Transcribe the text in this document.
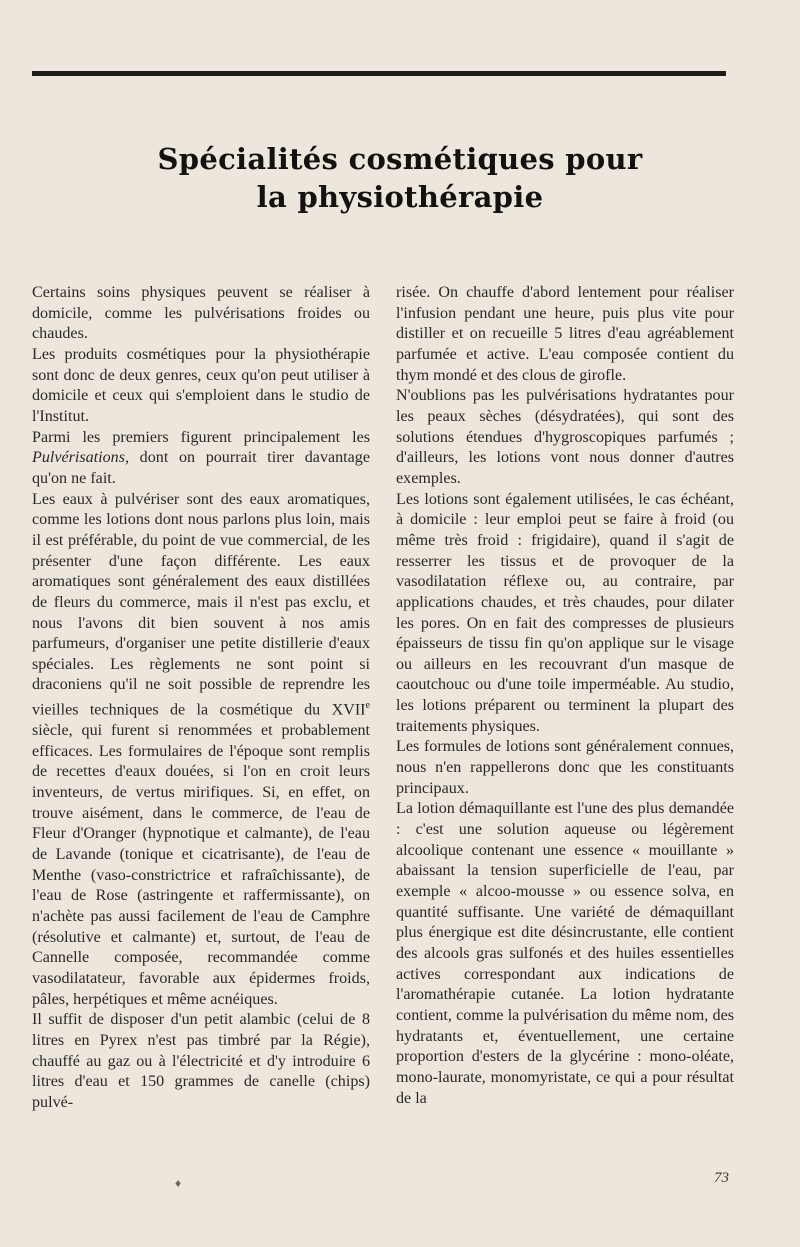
Spécialités cosmétiques pour
la physiothérapie

Certains soins physiques peuvent se réaliser à domicile, comme les pulvérisations froides ou chaudes.

Les produits cosmétiques pour la physiothérapie sont donc de deux genres, ceux qu'on peut utiliser à domicile et ceux qui s'emploient dans le studio de l'Institut.

Parmi les premiers figurent principalement les Pulvérisations, dont on pourrait tirer davantage qu'on ne fait.

Les eaux à pulvériser sont des eaux aromatiques, comme les lotions dont nous parlons plus loin, mais il est préférable, du point de vue commercial, de les présenter d'une façon différente. Les eaux aromatiques sont généralement des eaux distillées de fleurs du commerce, mais il n'est pas exclu, et nous l'avons dit bien souvent à nos amis parfumeurs, d'organiser une petite distillerie d'eaux spéciales. Les règlements ne sont point si draconiens qu'il ne soit possible de reprendre les vieilles techniques de la cosmétique du XVIIe siècle, qui furent si renommées et probablement efficaces. Les formulaires de l'époque sont remplis de recettes d'eaux douées, si l'on en croit leurs inventeurs, de vertus mirifiques. Si, en effet, on trouve aisément, dans le commerce, de l'eau de Fleur d'Oranger (hypnotique et calmante), de l'eau de Lavande (tonique et cicatrisante), de l'eau de Menthe (vaso-constrictrice et rafraîchissante), de l'eau de Rose (astringente et raffermissante), on n'achète pas aussi facilement de l'eau de Camphre (résolutive et calmante) et, surtout, de l'eau de Cannelle composée, recommandée comme vasodilatateur, favorable aux épidermes froids, pâles, herpétiques et même acnéiques.

Il suffit de disposer d'un petit alambic (celui de 8 litres en Pyrex n'est pas timbré par la Régie), chauffé au gaz ou à l'électricité et d'y introduire 6 litres d'eau et 150 grammes de canelle (chips) pulvé-

risée. On chauffe d'abord lentement pour réaliser l'infusion pendant une heure, puis plus vite pour distiller et on recueille 5 litres d'eau agréablement parfumée et active. L'eau composée contient du thym mondé et des clous de girofle.

N'oublions pas les pulvérisations hydratantes pour les peaux sèches (désydratées), qui sont des solutions étendues d'hygroscopiques parfumés ; d'ailleurs, les lotions vont nous donner d'autres exemples.

Les lotions sont également utilisées, le cas échéant, à domicile : leur emploi peut se faire à froid (ou même très froid : frigidaire), quand il s'agit de resserrer les tissus et de provoquer de la vasodilatation réflexe ou, au contraire, par applications chaudes, et très chaudes, pour dilater les pores. On en fait des compresses de plusieurs épaisseurs de tissu fin qu'on applique sur le visage ou ailleurs en les recouvrant d'un masque de caoutchouc ou d'une toile imperméable. Au studio, les lotions préparent ou terminent la plupart des traitements physiques.

Les formules de lotions sont généralement connues, nous n'en rappellerons donc que les constituants principaux.

La lotion démaquillante est l'une des plus demandée : c'est une solution aqueuse ou légèrement alcoolique contenant une essence « mouillante » abaissant la tension superficielle de l'eau, par exemple « alcoo-mousse » ou essence solva, en quantité suffisante. Une variété de démaquillant plus énergique est dite désincrustante, elle contient des alcools gras sulfonés et des huiles essentielles actives correspondant aux indications de l'aromathérapie cutanée. La lotion hydratante contient, comme la pulvérisation du même nom, des hydratants et, éventuellement, une certaine proportion d'esters de la glycérine : mono-oléate, mono-laurate, monomyristate, ce qui a pour résultat de la

♦	73
